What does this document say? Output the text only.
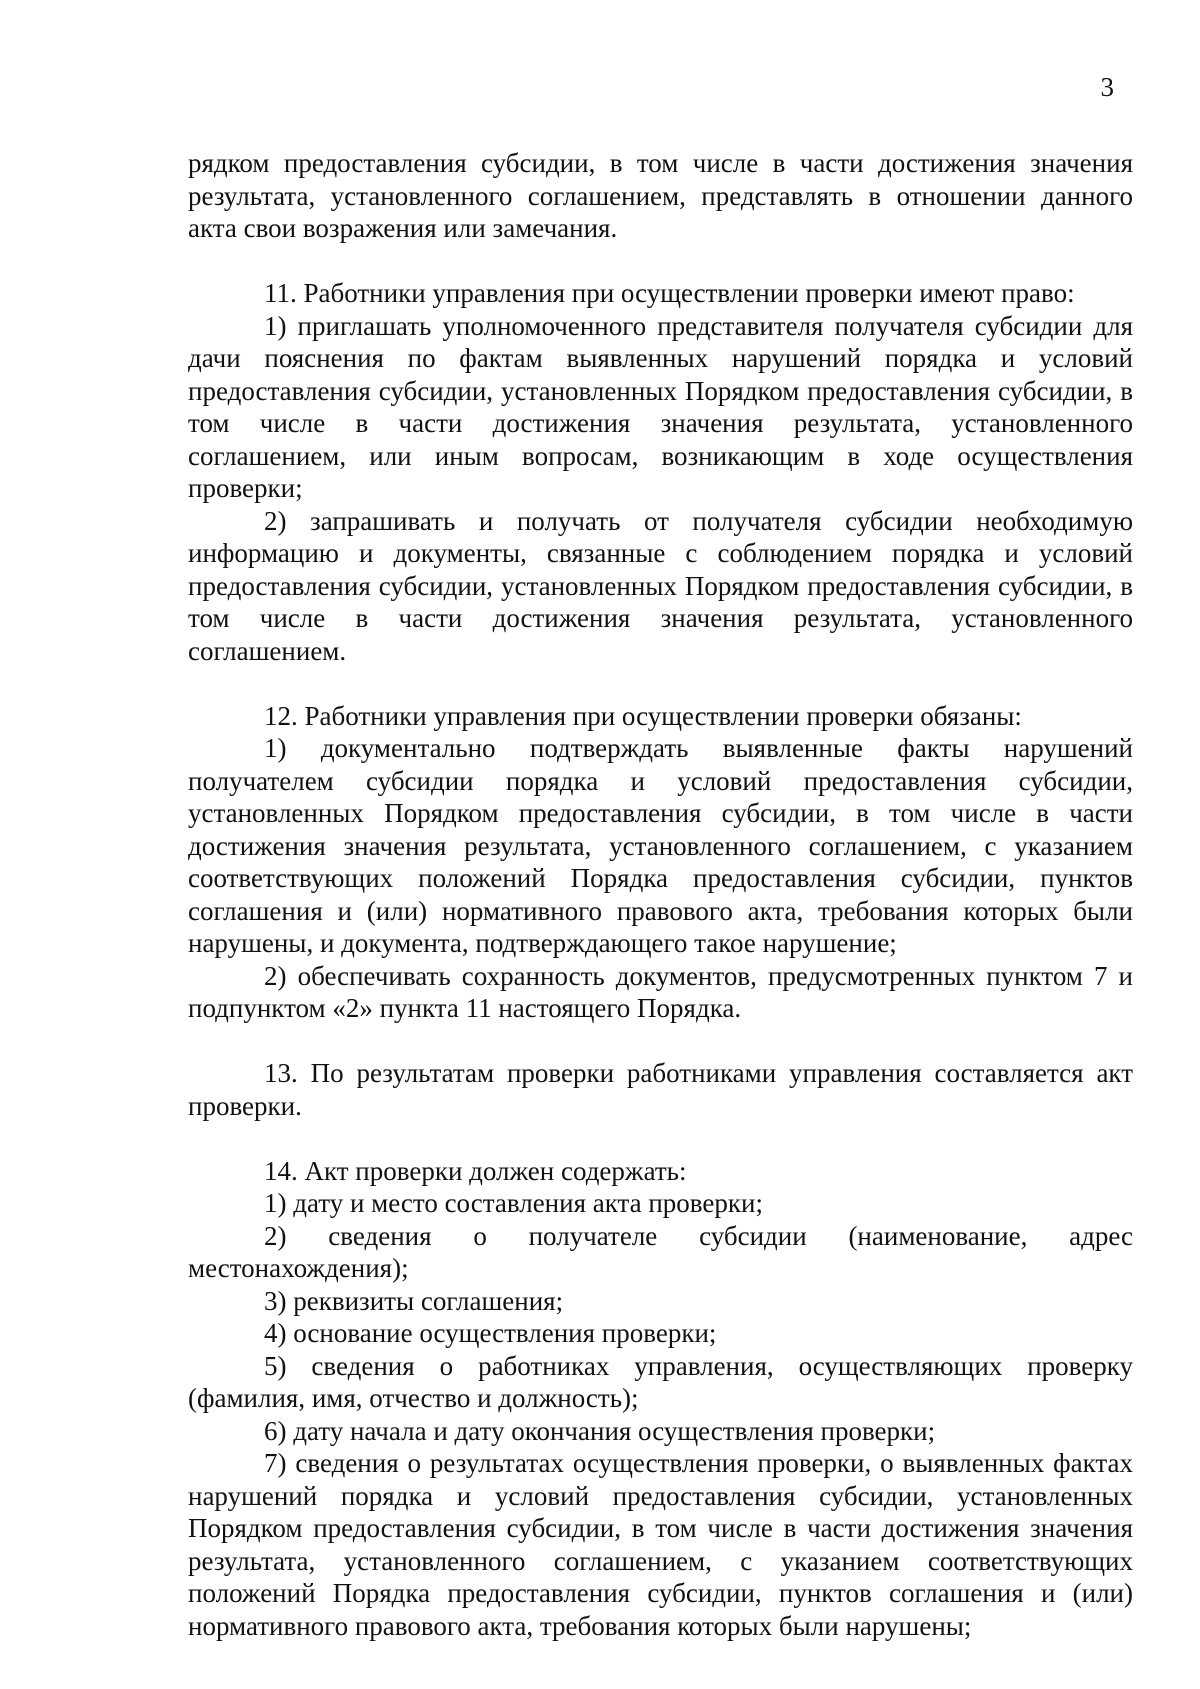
3

рядком предоставления субсидии, в том числе в части достижения значения результата, установленного соглашением, представлять в отношении данного акта свои возражения или замечания.

11. Работники управления при осуществлении проверки имеют право:

1) приглашать уполномоченного представителя получателя субсидии для дачи пояснения по фактам выявленных нарушений порядка и условий предоставления субсидии, установленных Порядком предоставления субсидии, в том числе в части достижения значения результата, установленного соглашением, или иным вопросам, возникающим в ходе осуществления проверки;

2) запрашивать и получать от получателя субсидии необходимую информацию и документы, связанные с соблюдением порядка и условий предоставления субсидии, установленных Порядком предоставления субсидии, в том числе в части достижения значения результата, установленного соглашением.

12. Работники управления при осуществлении проверки обязаны:

1) документально подтверждать выявленные факты нарушений получателем субсидии порядка и условий предоставления субсидии, установленных Порядком предоставления субсидии, в том числе в части достижения значения результата, установленного соглашением, с указанием соответствующих положений Порядка предоставления субсидии, пунктов соглашения и (или) нормативного правового акта, требования которых были нарушены, и документа, подтверждающего такое нарушение;

2) обеспечивать сохранность документов, предусмотренных пунктом 7 и подпунктом «2» пункта 11 настоящего Порядка.

13. По результатам проверки работниками управления составляется акт проверки.

14. Акт проверки должен содержать:

1) дату и место составления акта проверки;

2) сведения о получателе субсидии (наименование, адрес местонахождения);

3) реквизиты соглашения;

4) основание осуществления проверки;

5) сведения о работниках управления, осуществляющих проверку (фамилия, имя, отчество и должность);

6) дату начала и дату окончания осуществления проверки;

7) сведения о результатах осуществления проверки, о выявленных фактах нарушений порядка и условий предоставления субсидии, установленных Порядком предоставления субсидии, в том числе в части достижения значения результата, установленного соглашением, с указанием соответствующих положений Порядка предоставления субсидии, пунктов соглашения и (или) нормативного правового акта, требования которых были нарушены;
